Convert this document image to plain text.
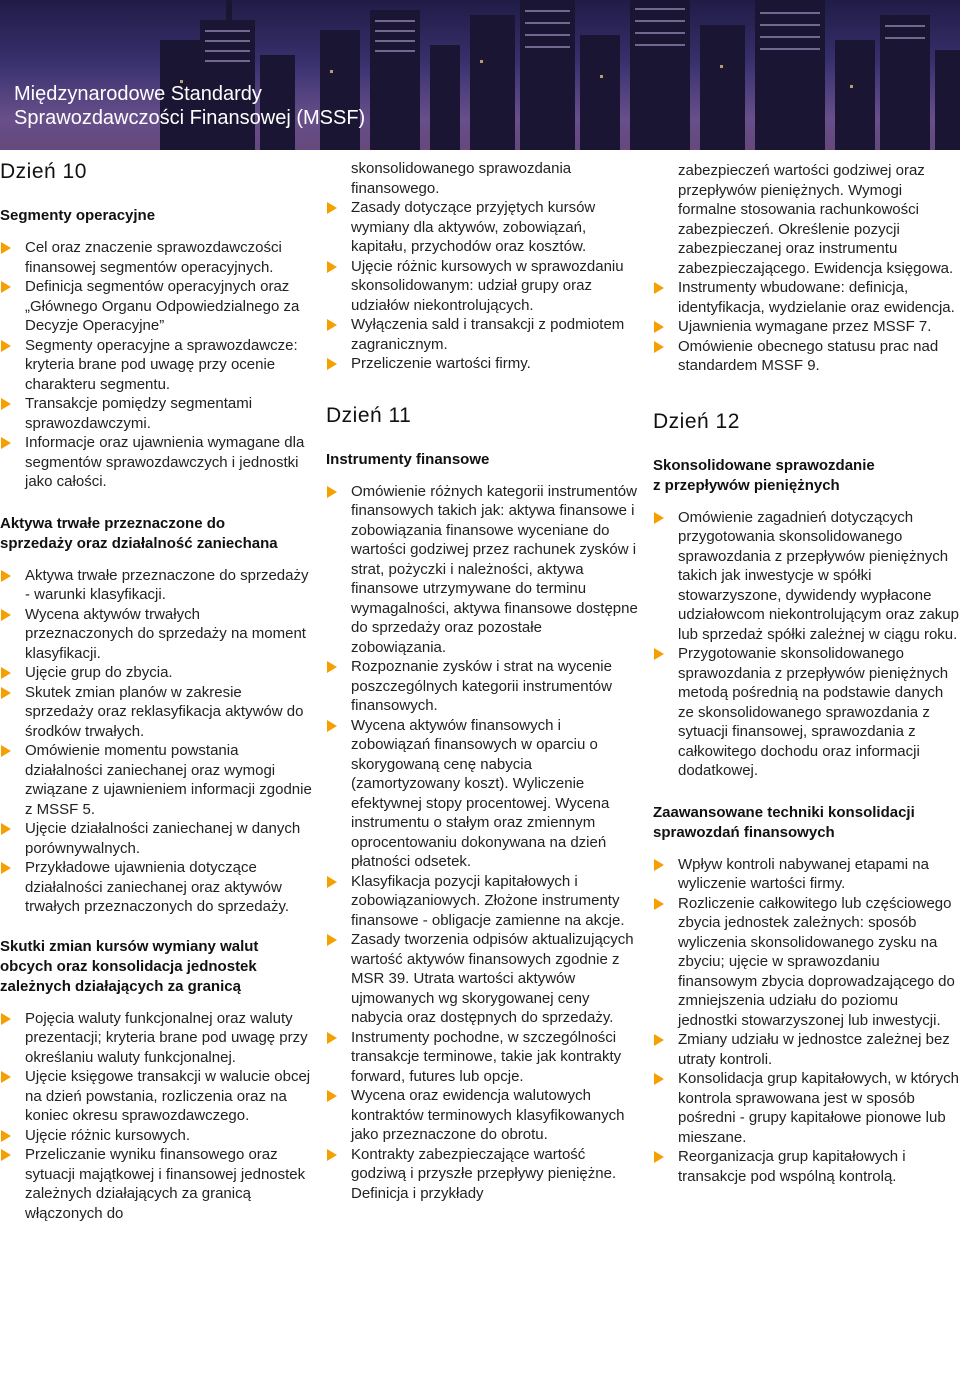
Międzynarodowe Standardy
Sprawozdawczości Finansowej (MSSF)
Dzień 10
Segmenty operacyjne
Cel oraz znaczenie sprawozdawczości finansowej segmentów operacyjnych.
Definicja segmentów operacyjnych oraz „Głównego Organu Odpowiedzialnego za Decyzje Operacyjne”
Segmenty operacyjne a sprawozdawcze: kryteria brane pod uwagę przy ocenie charakteru segmentu.
Transakcje pomiędzy segmentami sprawozdawczymi.
Informacje oraz ujawnienia wymagane dla segmentów sprawozdawczych i jednostki jako całości.
Aktywa trwałe przeznaczone do
sprzedaży oraz działalność zaniechana
Aktywa trwałe przeznaczone do sprzedaży - warunki klasyfikacji.
Wycena aktywów trwałych przeznaczonych do sprzedaży na moment klasyfikacji.
Ujęcie grup do zbycia.
Skutek zmian planów w zakresie sprzedaży oraz reklasyfikacja aktywów do środków trwałych.
Omówienie momentu powstania działalności zaniechanej oraz wymogi związane z ujawnieniem informacji zgodnie z MSSF 5.
Ujęcie działalności zaniechanej w danych porównywalnych.
Przykładowe ujawnienia dotyczące działalności zaniechanej oraz aktywów trwałych przeznaczonych do sprzedaży.
Skutki zmian kursów wymiany walut
obcych oraz konsolidacja jednostek
zależnych działających za granicą
Pojęcia waluty funkcjonalnej oraz waluty prezentacji; kryteria brane pod uwagę przy określaniu waluty funkcjonalnej.
Ujęcie księgowe transakcji w walucie obcej na dzień powstania, rozliczenia oraz na koniec okresu sprawozdawczego.
Ujęcie różnic kursowych.
Przeliczanie wyniku finansowego oraz sytuacji majątkowej i finansowej jednostek zależnych działających za granicą włączonych do
skonsolidowanego sprawozdania finansowego.
Zasady dotyczące przyjętych kursów wymiany dla aktywów, zobowiązań, kapitału, przychodów oraz kosztów.
Ujęcie różnic kursowych w sprawozdaniu skonsolidowanym: udział grupy oraz udziałów niekontrolujących.
Wyłączenia sald i transakcji z podmiotem zagranicznym.
Przeliczenie wartości firmy.
Dzień 11
Instrumenty finansowe
Omówienie różnych kategorii instrumentów finansowych takich jak: aktywa finansowe i zobowiązania finansowe wyceniane do wartości godziwej przez rachunek zysków i strat, pożyczki i należności, aktywa finansowe utrzymywane do terminu wymagalności, aktywa finansowe dostępne do sprzedaży oraz pozostałe zobowiązania.
Rozpoznanie zysków i strat na wycenie poszczególnych kategorii instrumentów finansowych.
Wycena aktywów finansowych i zobowiązań finansowych w oparciu o skorygowaną cenę nabycia (zamortyzowany koszt). Wyliczenie efektywnej stopy procentowej. Wycena instrumentu o stałym oraz zmiennym oprocentowaniu dokonywana na dzień płatności odsetek.
Klasyfikacja pozycji kapitałowych i zobowiązaniowych. Złożone instrumenty finansowe - obligacje zamienne na akcje.
Zasady tworzenia odpisów aktualizujących wartość aktywów finansowych zgodnie z MSR 39. Utrata wartości aktywów ujmowanych wg skorygowanej ceny nabycia oraz dostępnych do sprzedaży.
Instrumenty pochodne, w szczególności transakcje terminowe, takie jak kontrakty forward, futures lub opcje.
Wycena oraz ewidencja walutowych kontraktów terminowych klasyfikowanych jako przeznaczone do obrotu.
Kontrakty zabezpieczające wartość godziwą i przyszłe przepływy pieniężne. Definicja i przykłady
zabezpieczeń wartości godziwej oraz przepływów pieniężnych. Wymogi formalne stosowania rachunkowości zabezpieczeń. Określenie pozycji zabezpieczanej oraz instrumentu zabezpieczającego. Ewidencja księgowa.
Instrumenty wbudowane: definicja, identyfikacja, wydzielanie oraz ewidencja.
Ujawnienia wymagane przez MSSF 7.
Omówienie obecnego statusu prac nad standardem MSSF 9.
Dzień 12
Skonsolidowane sprawozdanie
z przepływów pieniężnych
Omówienie zagadnień dotyczących przygotowania skonsolidowanego sprawozdania z przepływów pieniężnych takich jak inwestycje w spółki stowarzyszone, dywidendy wypłacone udziałowcom niekontrolującym oraz zakup lub sprzedaż spółki zależnej w ciągu roku.
Przygotowanie skonsolidowanego sprawozdania z przepływów pieniężnych metodą pośrednią na podstawie danych ze skonsolidowanego sprawozdania z sytuacji finansowej, sprawozdania z całkowitego dochodu oraz informacji dodatkowej.
Zaawansowane techniki konsolidacji
sprawozdań finansowych
Wpływ kontroli nabywanej etapami na wyliczenie wartości firmy.
Rozliczenie całkowitego lub częściowego zbycia jednostek zależnych: sposób wyliczenia skonsolidowanego zysku na zbyciu; ujęcie w sprawozdaniu finansowym zbycia doprowadzającego do zmniejszenia udziału do poziomu jednostki stowarzyszonej lub inwestycji.
Zmiany udziału w jednostce zależnej bez utraty kontroli.
Konsolidacja grup kapitałowych, w których kontrola sprawowana jest w sposób pośredni - grupy kapitałowe pionowe lub mieszane.
Reorganizacja grup kapitałowych i transakcje pod wspólną kontrolą.
